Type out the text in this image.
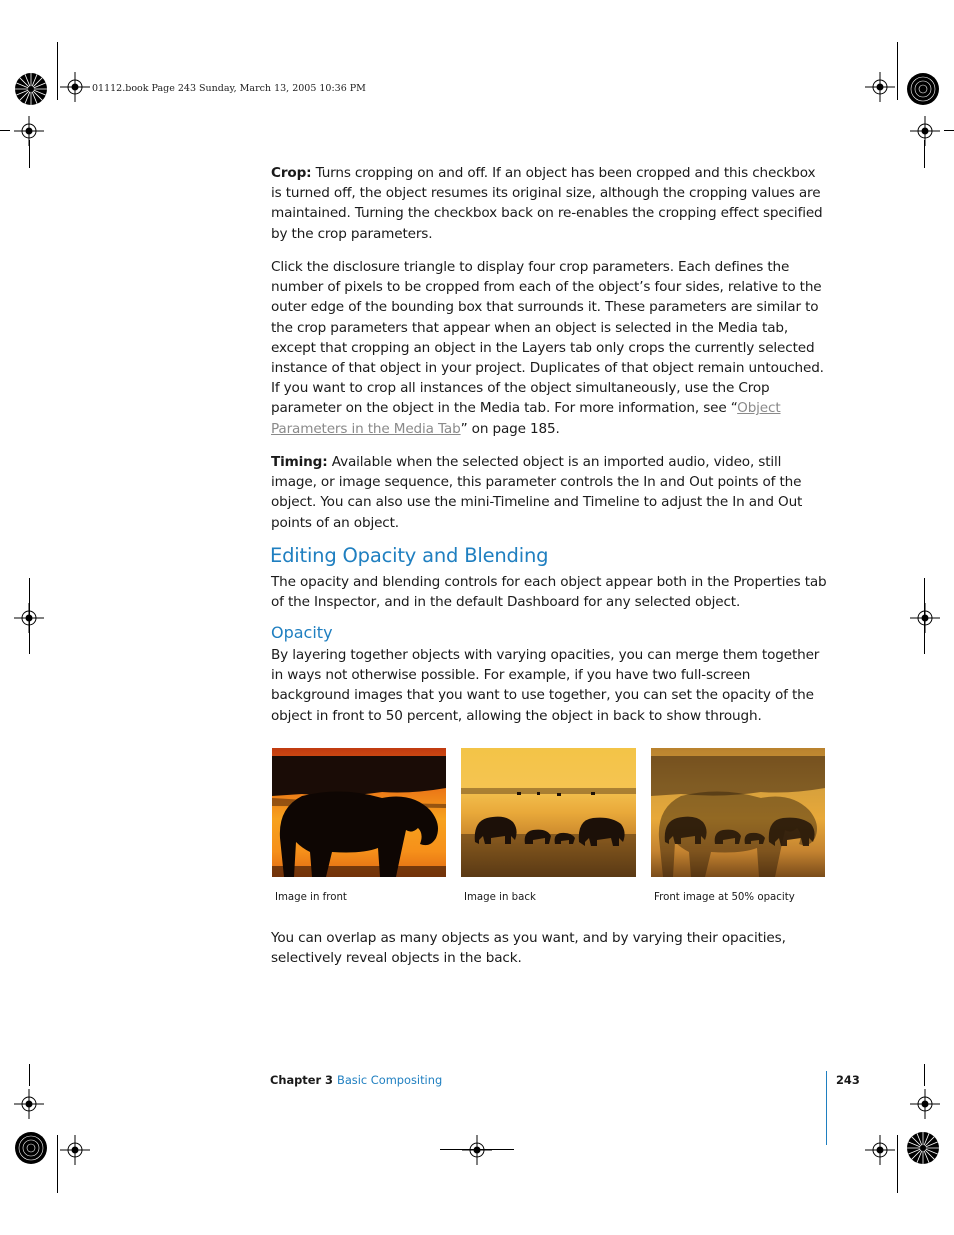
01112.book Page 243 Sunday, March 13, 2005 10:36 PM
Crop: Turns cropping on and off. If an object has been cropped and this checkbox is turned off, the object resumes its original size, although the cropping values are maintained. Turning the checkbox back on re-enables the cropping effect specified by the crop parameters.
Click the disclosure triangle to display four crop parameters. Each defines the number of pixels to be cropped from each of the object’s four sides, relative to the outer edge of the bounding box that surrounds it. These parameters are similar to the crop parameters that appear when an object is selected in the Media tab, except that cropping an object in the Layers tab only crops the currently selected instance of that object in your project. Duplicates of that object remain untouched. If you want to crop all instances of the object simultaneously, use the Crop parameter on the object in the Media tab. For more information, see “Object Parameters in the Media Tab” on page 185.
Timing: Available when the selected object is an imported audio, video, still image, or image sequence, this parameter controls the In and Out points of the object. You can also use the mini-Timeline and Timeline to adjust the In and Out points of an object.
Editing Opacity and Blending
The opacity and blending controls for each object appear both in the Properties tab of the Inspector, and in the default Dashboard for any selected object.
Opacity
By layering together objects with varying opacities, you can merge them together in ways not otherwise possible. For example, if you have two full-screen background images that you want to use together, you can set the opacity of the object in front to 50 percent, allowing the object in back to show through.
Image in front	Image in back	Front image at 50% opacity
You can overlap as many objects as you want, and by varying their opacities, selectively reveal objects in the back.
Chapter 3 Basic Compositing	243
